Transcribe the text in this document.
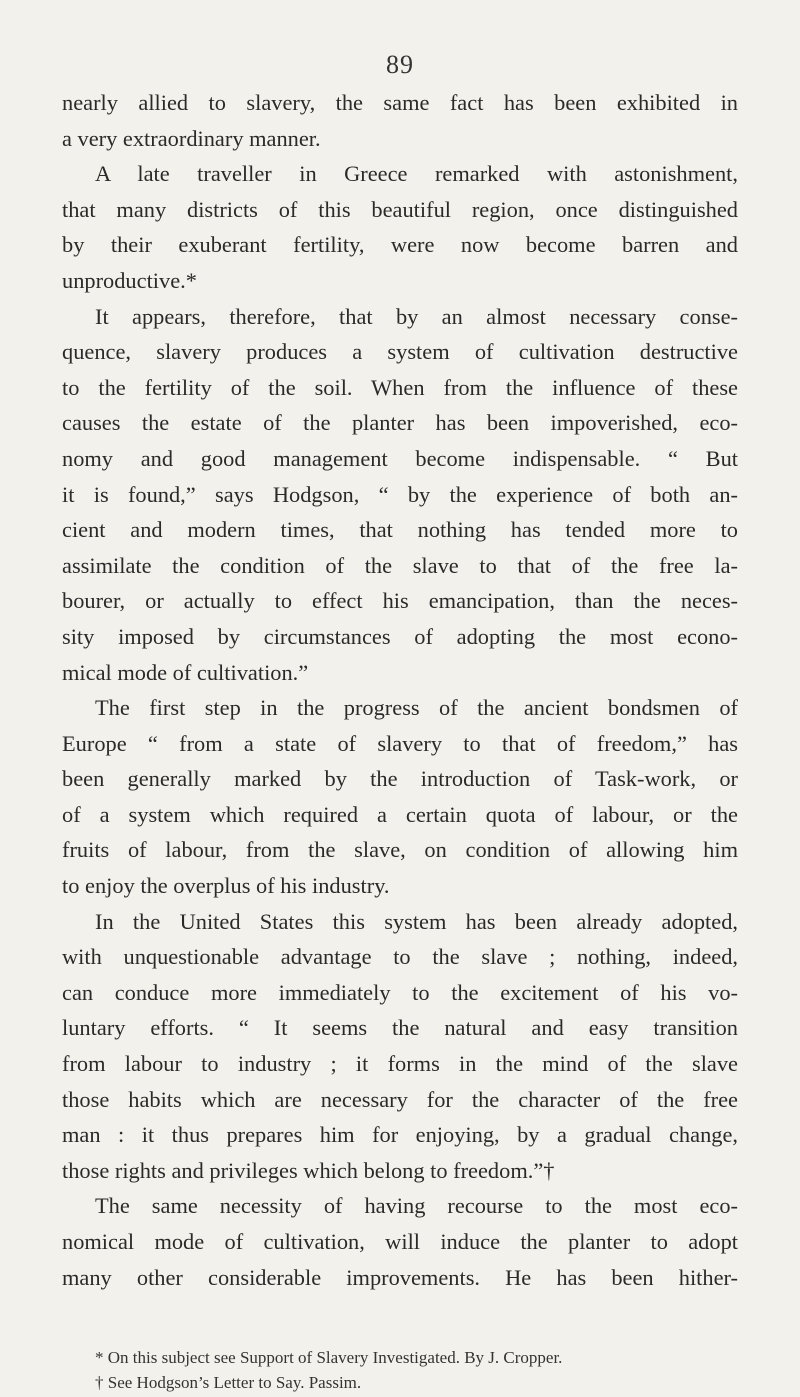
89
nearly allied to slavery, the same fact has been exhibited in
a very extraordinary manner.
A late traveller in Greece remarked with astonishment,
that many districts of this beautiful region, once distinguished
by their exuberant fertility, were now become barren and
unproductive.*
It appears, therefore, that by an almost necessary conse-
quence, slavery produces a system of cultivation destructive
to the fertility of the soil. When from the influence of these
causes the estate of the planter has been impoverished, eco-
nomy and good management become indispensable. “ But
it is found,” says Hodgson, “ by the experience of both an-
cient and modern times, that nothing has tended more to
assimilate the condition of the slave to that of the free la-
bourer, or actually to effect his emancipation, than the neces-
sity imposed by circumstances of adopting the most econo-
mical mode of cultivation.”
The first step in the progress of the ancient bondsmen of
Europe “ from a state of slavery to that of freedom,” has
been generally marked by the introduction of Task-work, or
of a system which required a certain quota of labour, or the
fruits of labour, from the slave, on condition of allowing him
to enjoy the overplus of his industry.
In the United States this system has been already adopted,
with unquestionable advantage to the slave ; nothing, indeed,
can conduce more immediately to the excitement of his vo-
luntary efforts. “ It seems the natural and easy transition
from labour to industry ; it forms in the mind of the slave
those habits which are necessary for the character of the free
man : it thus prepares him for enjoying, by a gradual change,
those rights and privileges which belong to freedom.”†
The same necessity of having recourse to the most eco-
nomical mode of cultivation, will induce the planter to adopt
many other considerable improvements. He has been hither-
* On this subject see Support of Slavery Investigated. By J. Cropper.
† See Hodgson’s Letter to Say. Passim.
